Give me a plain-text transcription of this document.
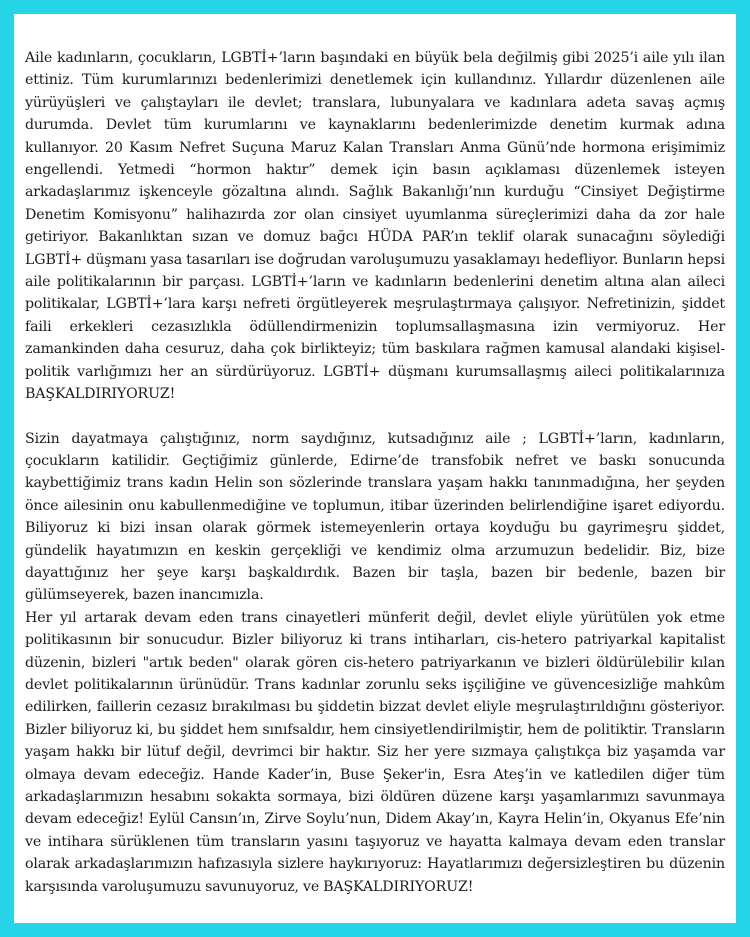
Aile kadınların, çocukların, LGBTİ+’ların başındaki en büyük bela değilmiş gibi 2025’i aile yılı ilan ettiniz. Tüm kurumlarınızı bedenlerimizi denetlemek için kullandınız. Yıllardır düzenlenen aile yürüyüşleri ve çalıştayları ile devlet; translara, lubunyalara ve kadınlara adeta savaş açmış durumda. Devlet tüm kurumlarını ve kaynaklarını bedenlerimizde denetim kurmak adına kullanıyor. 20 Kasım Nefret Suçuna Maruz Kalan Transları Anma Günü’nde hormona erişimimiz engellendi. Yetmedi “hormon haktır” demek için basın açıklaması düzenlemek isteyen arkadaşlarımız işkenceyle gözaltına alındı. Sağlık Bakanlığı’nın kurduğu “Cinsiyet Değiştirme Denetim Komisyonu” halihazırda zor olan cinsiyet uyumlanma süreçlerimizi daha da zor hale getiriyor. Bakanlıktan sızan ve domuz bağcı HÜDA PAR’ın teklif olarak sunacağını söylediği LGBTİ+ düşmanı yasa tasarıları ise doğrudan varoluşumuzu yasaklamayı hedefliyor. Bunların hepsi aile politikalarının bir parçası. LGBTİ+’ların ve kadınların bedenlerini denetim altına alan aileci politikalar, LGBTİ+’lara karşı nefreti örgütleyerek meşrulaştırmaya çalışıyor. Nefretinizin, şiddet faili erkekleri cezasızlıkla ödüllendirmenizin toplumsallaşmasına izin vermiyoruz. Her zamankinden daha cesuruz, daha çok birlikteyiz; tüm baskılara rağmen kamusal alandaki kişisel-politik varlığımızı her an sürdürüyoruz. LGBTİ+ düşmanı kurumsallaşmış aileci politikalarınıza BAŞKALDIRIYORUZ!

Sizin dayatmaya çalıştığınız, norm saydığınız, kutsadığınız aile ; LGBTİ+’ların, kadınların, çocukların katilidir. Geçtiğimiz günlerde, Edirne’de transfobik nefret ve baskı sonucunda kaybettiğimiz trans kadın Helin son sözlerinde translara yaşam hakkı tanınmadığına, her şeyden önce ailesinin onu kabullenmediğine ve toplumun, itibar üzerinden belirlendiğine işaret ediyordu. Biliyoruz ki bizi insan olarak görmek istemeyenlerin ortaya koyduğu bu gayrimeşru şiddet, gündelik hayatımızın en keskin gerçekliği ve kendimiz olma arzumuzun bedelidir. Biz, bize dayattığınız her şeye karşı başkaldırdık. Bazen bir taşla, bazen bir bedenle, bazen bir gülümseyerek, bazen inancımızla.

Her yıl artarak devam eden trans cinayetleri münferit değil, devlet eliyle yürütülen yok etme politikasının bir sonucudur. Bizler biliyoruz ki trans intiharları, cis-hetero patriyarkal kapitalist düzenin, bizleri "artık beden" olarak gören cis-hetero patriyarkanın ve bizleri öldürülebilir kılan devlet politikalarının ürünüdür. Trans kadınlar zorunlu seks işçiliğine ve güvencesizliğe mahkûm edilirken, faillerin cezasız bırakılması bu şiddetin bizzat devlet eliyle meşrulaştırıldığını gösteriyor. Bizler biliyoruz ki, bu şiddet hem sınıfsaldır, hem cinsiyetlendirilmiştir, hem de politiktir. Transların yaşam hakkı bir lütuf değil, devrimci bir haktır. Siz her yere sızmaya çalıştıkça biz yaşamda var olmaya devam edeceğiz. Hande Kader’in, Buse Şeker'in, Esra Ateş’in ve katledilen diğer tüm arkadaşlarımızın hesabını sokakta sormaya, bizi öldüren düzene karşı yaşamlarımızı savunmaya devam edeceğiz! Eylül Cansın’ın, Zirve Soylu’nun, Didem Akay’ın, Kayra Helin’in, Okyanus Efe’nin ve intihara sürüklenen tüm transların yasını taşıyoruz ve hayatta kalmaya devam eden translar olarak arkadaşlarımızın hafızasıyla sizlere haykırıyoruz: Hayatlarımızı değersizleştiren bu düzenin karşısında varoluşumuzu savunuyoruz, ve BAŞKALDIRIYORUZ!
